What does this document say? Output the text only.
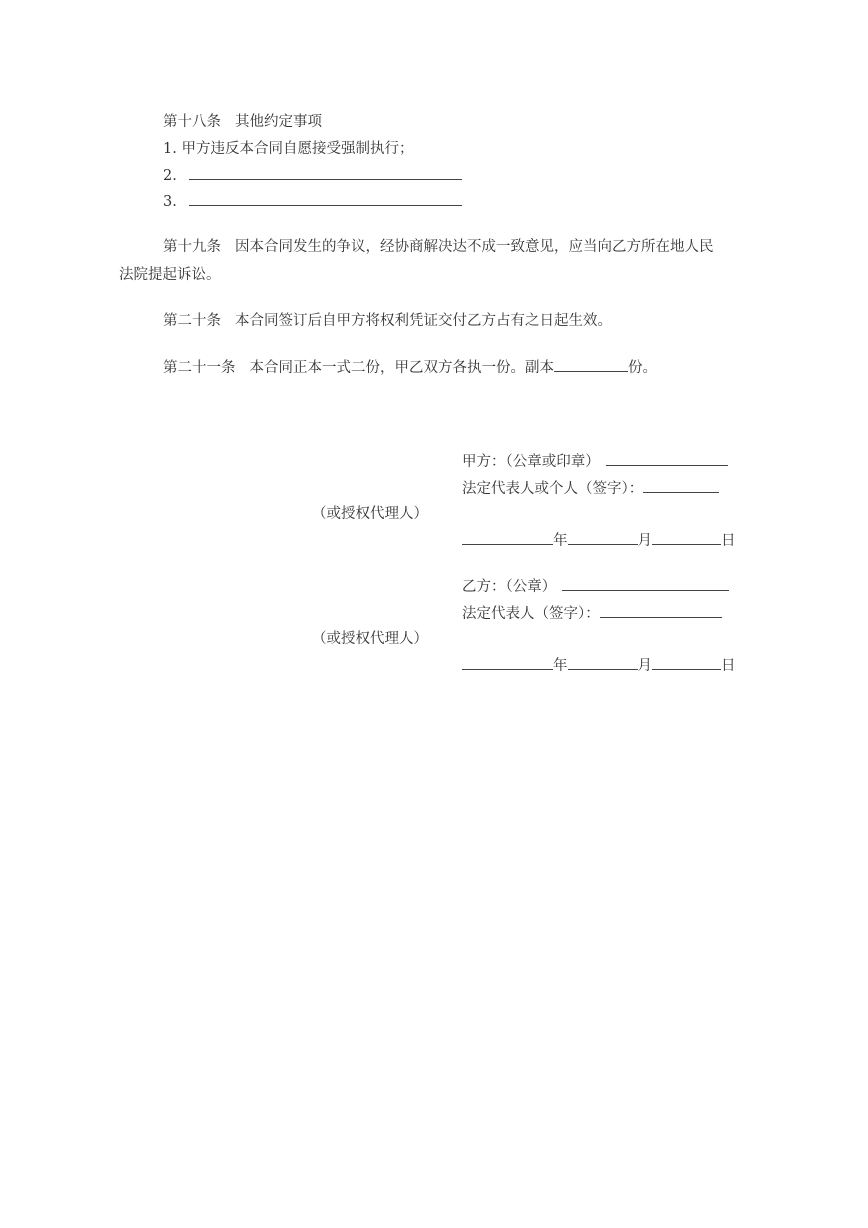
第十八条 其他约定事项
1. 甲方违反本合同自愿接受强制执行；
2.
3.
第十九条 因本合同发生的争议，经协商解决达不成一致意见，应当向乙方所在地人民
法院提起诉讼。
第二十条 本合同签订后自甲方将权利凭证交付乙方占有之日起生效。
第二十一条 本合同正本一式二份，甲乙双方各执一份。副本	份。
甲方：（公章或印章）
法定代表人或个人（签字）：
（或授权代理人）
年	月	日
乙方：（公章）
法定代表人（签字）：
（或授权代理人）
年	月	日
